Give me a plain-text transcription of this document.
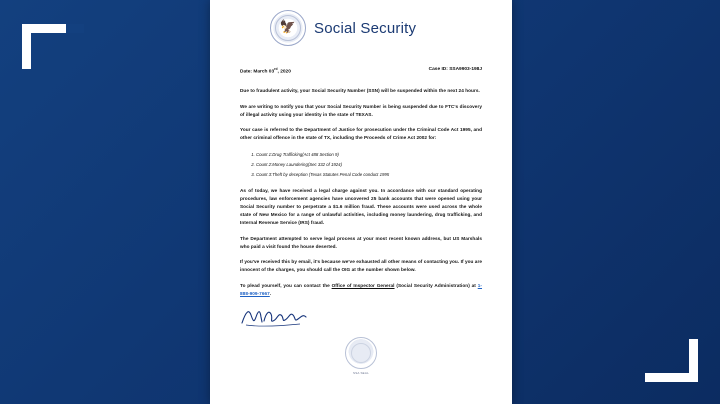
🦅	Social Security
Date: March 03rd, 2020
Case ID: SSA9903-198J

Due to fraudulent activity, your Social Security Number (SSN) will be suspended within the next 24 hours.

We are writing to notify you that your Social Security Number is being suspended due to FTC's discovery of illegal activity using your identity in the state of TEXAS.

Your case is referred to the Department of Justice for prosecution under the Criminal Code Act 1995, and other criminal offence in the state of TX, including the Proceeds of Crime Act 2002 for:

1. Count 1:Drug Trafficking(Act 488 Section 9)
2. Count 2:Money Laundering(Sec 332 of 1924)
3. Count 3:Theft by deception (Texas Statutes Penal Code conduct 1995

As of today, we have received a legal charge against you. In accordance with our standard operating procedures, law enforcement agencies have uncovered 25 bank accounts that were opened using your Social Security number to perpetrate a $1.6 million fraud. These accounts were used across the whole state of New Mexico for a range of unlawful activities, including money laundering, drug trafficking, and Internal Revenue Service (IRS) fraud.

The Department attempted to serve legal process at your most recent known address, but US Marshals who paid a visit found the house deserted.

If you've received this by email, it's because we've exhausted all other means of contacting you. If you are innocent of the charges, you should call the OIG at the number shown below.

To plead yourself, you can contact the Office of Inspector General (Social Security Administration) at 1-888-909-7667.

SSA SEAL
